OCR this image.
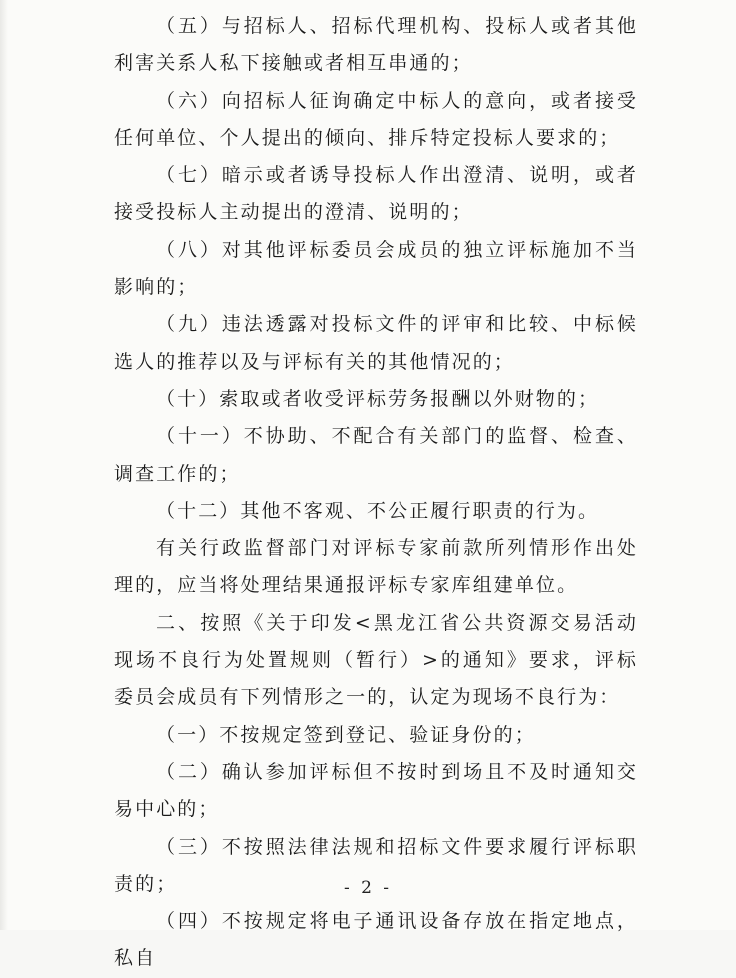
（五）与招标人、招标代理机构、投标人或者其他利害关系人私下接触或者相互串通的；

（六）向招标人征询确定中标人的意向，或者接受任何单位、个人提出的倾向、排斥特定投标人要求的；

（七）暗示或者诱导投标人作出澄清、说明，或者接受投标人主动提出的澄清、说明的；

（八）对其他评标委员会成员的独立评标施加不当影响的；

（九）违法透露对投标文件的评审和比较、中标候选人的推荐以及与评标有关的其他情况的；

（十）索取或者收受评标劳务报酬以外财物的；

（十一）不协助、不配合有关部门的监督、检查、调查工作的；

（十二）其他不客观、不公正履行职责的行为。

有关行政监督部门对评标专家前款所列情形作出处理的，应当将处理结果通报评标专家库组建单位。

二、按照《关于印发<黑龙江省公共资源交易活动现场不良行为处置规则（暂行）>的通知》要求，评标委员会成员有下列情形之一的，认定为现场不良行为：

（一）不按规定签到登记、验证身份的；

（二）确认参加评标但不按时到场且不及时通知交易中心的；

（三）不按照法律法规和招标文件要求履行评标职责的；

（四）不按规定将电子通讯设备存放在指定地点，私自

- 2 -
